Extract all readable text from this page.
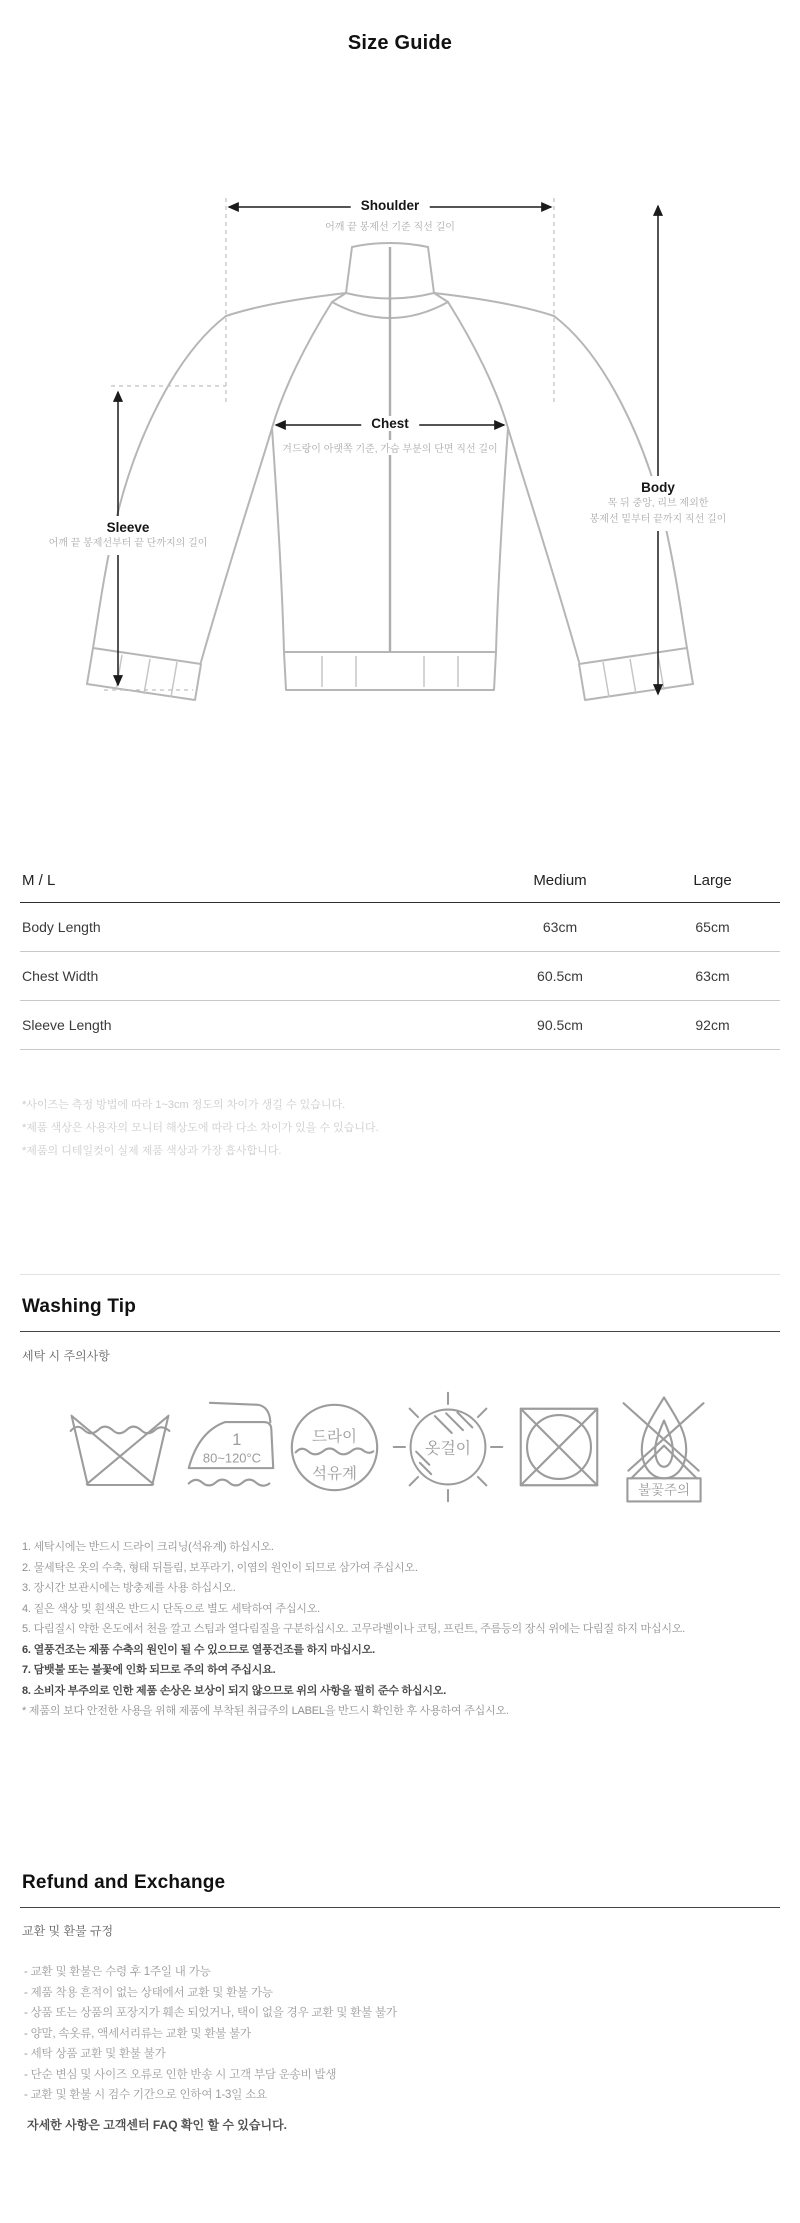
Size Guide
Shoulder
어깨 끝 봉제선 기준 직선 길이
Chest
겨드랑이 아랫쪽 기준, 가슴 부분의 단면 직선 길이
Sleeve
어깨 끝 봉제선부터 끝 단까지의 길이
Body
목 뒤 중앙, 리브 제외한
봉제선 밑부터 끝까지 직선 길이
M / L	Medium	Large
Body Length	63cm	65cm
Chest Width	60.5cm	63cm
Sleeve Length	90.5cm	92cm
*사이즈는 측정 방법에 따라 1~3cm 정도의 차이가 생길 수 있습니다.
*제품 색상은 사용자의 모니터 해상도에 따라 다소 차이가 있을 수 있습니다.
*제품의 디테일컷이 실제 제품 색상과 가장 흡사합니다.
Washing Tip
세탁 시 주의사항
1
80~120°C
드라이
석유계
옷걸이
불꽃주의
1. 세탁시에는 반드시 드라이 크리닝(석유계) 하십시오.
2. 물세탁은 옷의 수축, 형태 뒤틀림, 보푸라기, 이염의 원인이 되므로 삼가여 주십시오.
3. 장시간 보관시에는 방충제를 사용 하십시오.
4. 짙은 색상 및 흰색은 반드시 단독으로 별도 세탁하여 주십시오.
5. 다림질시 약한 온도에서 천을 깔고 스팀과 열다림질을 구분하십시오. 고무라벨이나 코팅, 프린트, 주름등의 장식 위에는 다림질 하지 마십시오.
6. 열풍건조는 제품 수축의 원인이 될 수 있으므로 열풍건조를 하지 마십시오.
7. 담뱃불 또는 불꽃에 인화 되므로 주의 하여 주십시요.
8. 소비자 부주의로 인한 제품 손상은 보상이 되지 않으므로 위의 사항을 필히 준수 하십시오.
* 제품의 보다 안전한 사용을 위해 제품에 부착된 취급주의 LABEL을 반드시 확인한 후 사용하여 주십시오.
Refund and Exchange
교환 및 환불 규정
- 교환 및 환불은 수령 후 1주일 내 가능
- 제품 착용 흔적이 없는 상태에서 교환 및 환불 가능
- 상품 또는 상품의 포장지가 훼손 되었거나, 택이 없을 경우 교환 및 환불 불가
- 양말, 속옷류, 액세서리류는 교환 및 환불 불가
- 세탁 상품 교환 및 환불 불가
- 단순 변심 및 사이즈 오류로 인한 반송 시 고객 부담 운송비 발생
- 교환 및 환불 시 검수 기간으로 인하여 1-3일 소요
자세한 사항은 고객센터 FAQ 확인 할 수 있습니다.
